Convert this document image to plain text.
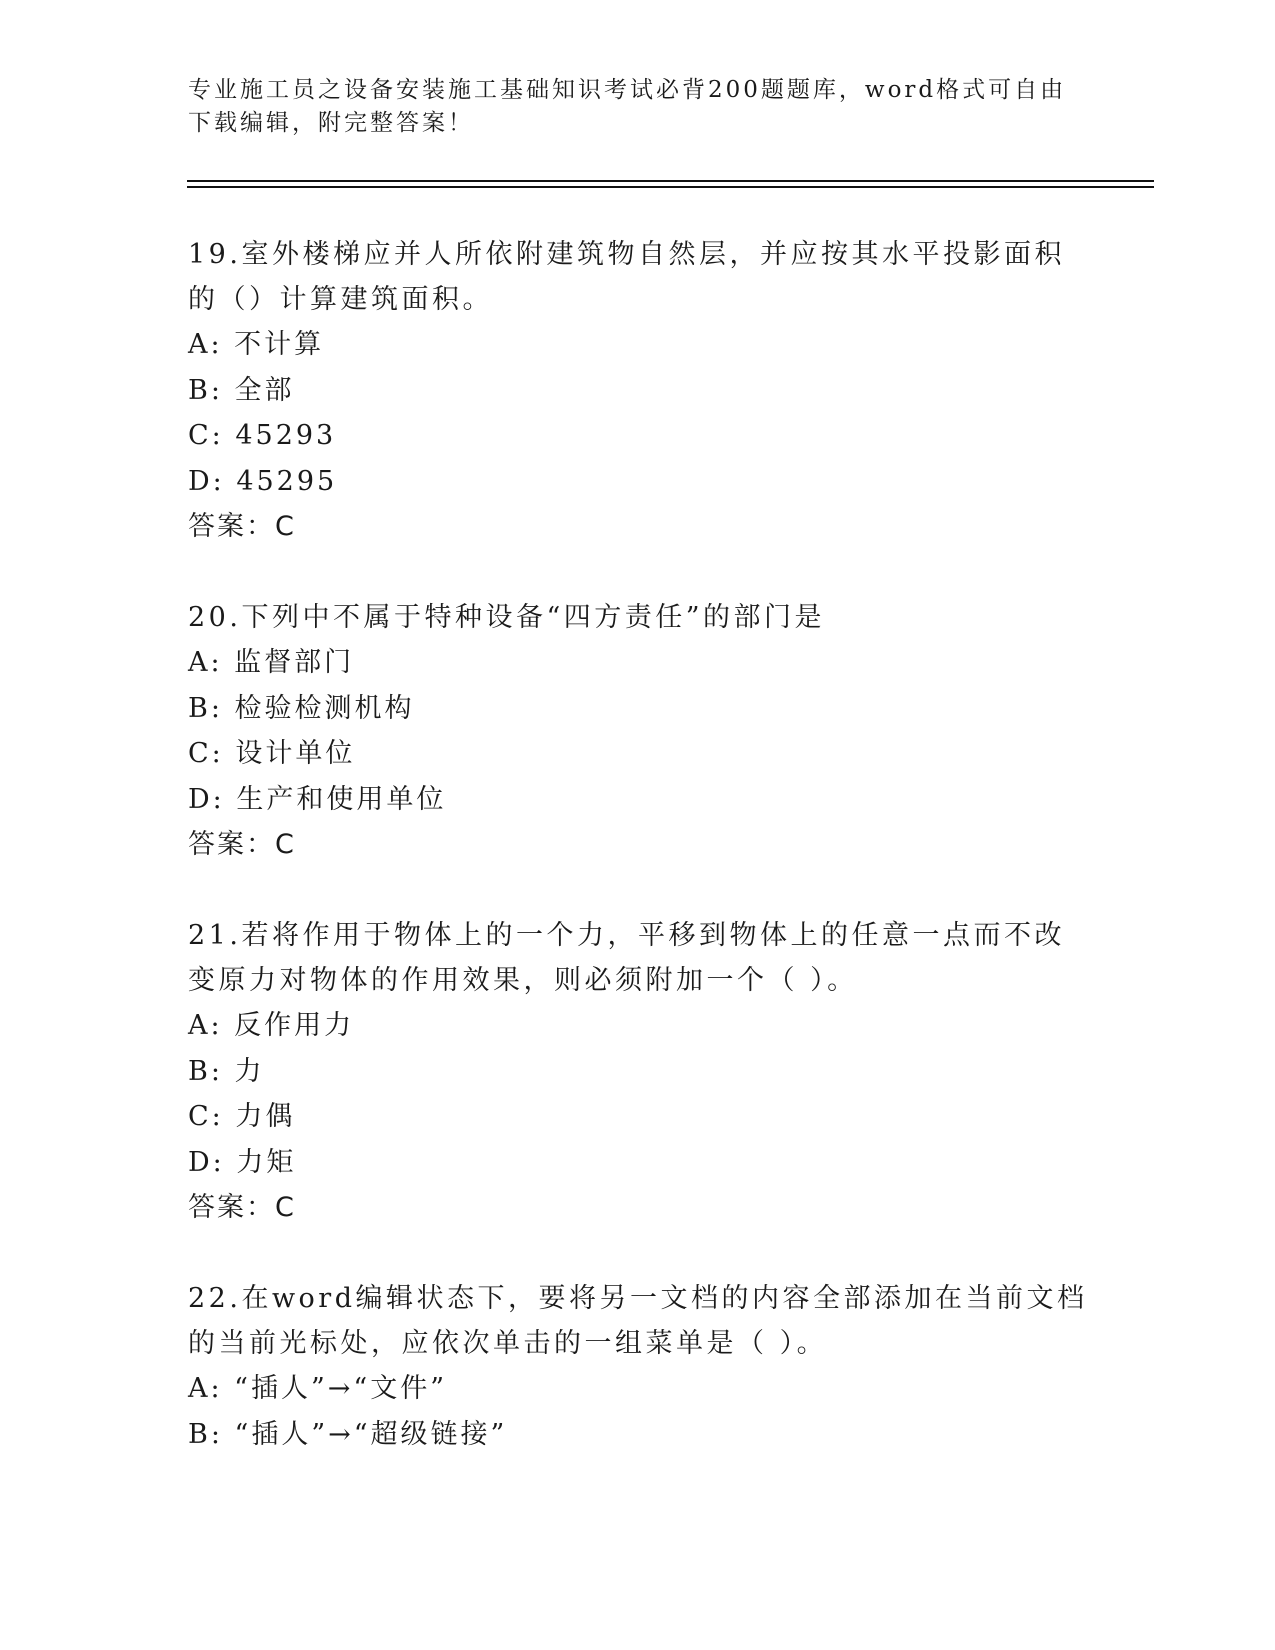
专业施工员之设备安装施工基础知识考试必背200题题库，word格式可自由下载编辑，附完整答案！
19.室外楼梯应并人所依附建筑物自然层，并应按其水平投影面积的（）计算建筑面积。
A: 不计算
B: 全部
C: 45293
D: 45295
答案：C
20.下列中不属于特种设备“四方责任”的部门是
A: 监督部门
B: 检验检测机构
C: 设计单位
D: 生产和使用单位
答案：C
21.若将作用于物体上的一个力，平移到物体上的任意一点而不改变原力对物体的作用效果，则必须附加一个（ ）。
A: 反作用力
B: 力
C: 力偶
D: 力矩
答案：C
22.在word编辑状态下，要将另一文档的内容全部添加在当前文档的当前光标处，应依次单击的一组菜单是（ ）。
A: “插人”→“文件”
B: “插人”→“超级链接”
